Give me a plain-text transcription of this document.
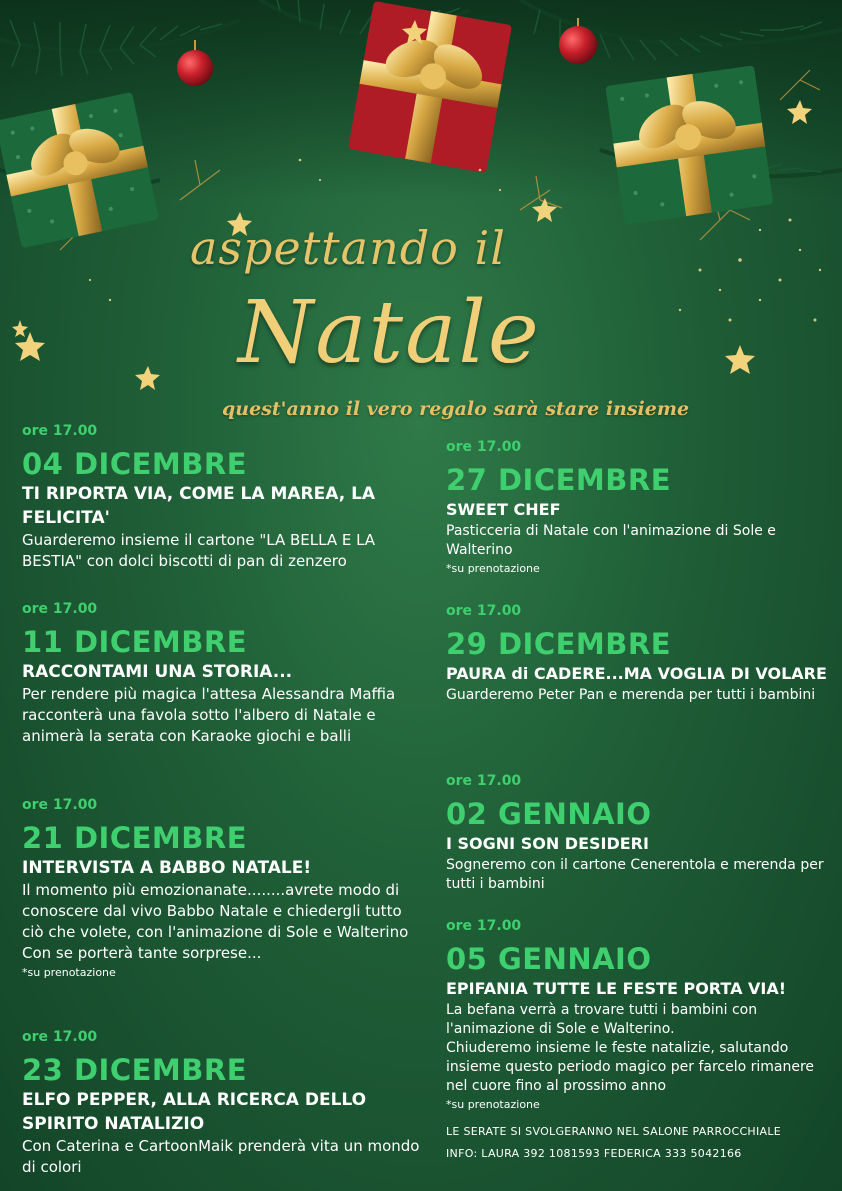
aspettando il
Natale
quest'anno il vero regalo sarà stare insieme
ore 17.00
04 DICEMBRE
TI RIPORTA VIA, COME LA MAREA, LA FELICITA'
Guarderemo insieme il cartone "LA BELLA E LA BESTIA" con dolci biscotti di pan di zenzero
ore 17.00
11 DICEMBRE
RACCONTAMI UNA STORIA...
Per rendere più magica l'attesa Alessandra Maffia racconterà una favola sotto l'albero di Natale e animerà la serata con Karaoke giochi e balli
ore 17.00
21 DICEMBRE
INTERVISTA A BABBO NATALE!
Il momento più emozionanate........avrete modo di conoscere dal vivo Babbo Natale e chiedergli tutto ciò che volete, con l'animazione di Sole e Walterino
Con se porterà tante sorprese...
*su prenotazione
ore 17.00
23 DICEMBRE
ELFO PEPPER, ALLA RICERCA DELLO SPIRITO NATALIZIO
Con Caterina e CartoonMaik prenderà vita un mondo di colori
ore 17.00
27 DICEMBRE
SWEET CHEF
Pasticceria di Natale con l'animazione di Sole e Walterino
*su prenotazione
ore 17.00
29 DICEMBRE
PAURA di CADERE...MA VOGLIA DI VOLARE
Guarderemo Peter Pan e merenda per tutti i bambini
ore 17.00
02 GENNAIO
I SOGNI SON DESIDERI
Sogneremo con il cartone Cenerentola e merenda per tutti i bambini
ore 17.00
05 GENNAIO
EPIFANIA TUTTE LE FESTE PORTA VIA!
La befana verrà a trovare tutti i bambini con l'animazione di Sole e Walterino.
Chiuderemo insieme le feste natalizie, salutando insieme questo periodo magico per farcelo rimanere nel cuore fino al prossimo anno
*su prenotazione
LE SERATE SI SVOLGERANNO NEL SALONE PARROCCHIALE
INFO: LAURA 392 1081593 FEDERICA 333 5042166
